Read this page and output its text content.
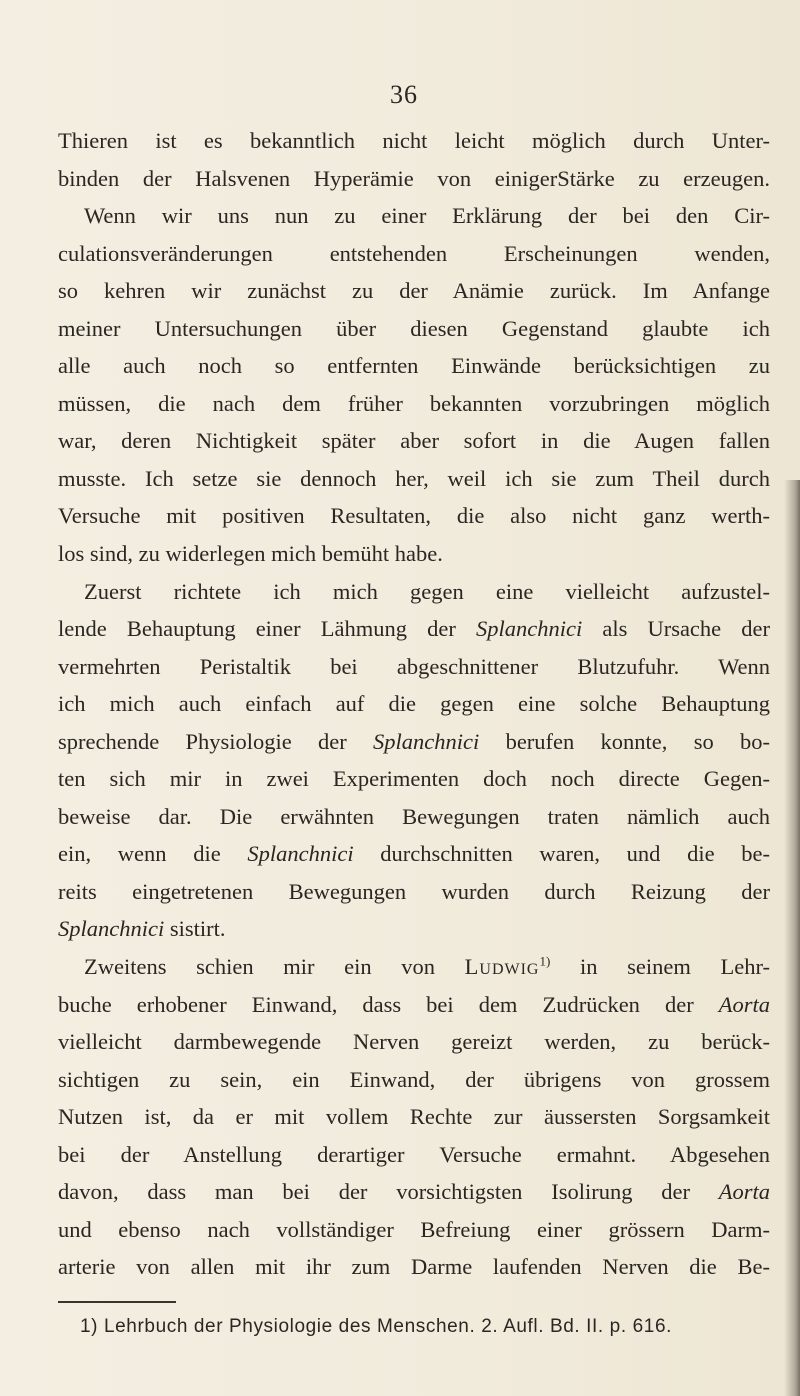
36
Thieren ist es bekanntlich nicht leicht möglich durch Unter-
binden der Halsvenen Hyperämie von einigerStärke zu erzeugen.
Wenn wir uns nun zu einer Erklärung der bei den Cir-
culationsveränderungen entstehenden Erscheinungen wenden,
so kehren wir zunächst zu der Anämie zurück. Im Anfange
meiner Untersuchungen über diesen Gegenstand glaubte ich
alle auch noch so entfernten Einwände berücksichtigen zu
müssen, die nach dem früher bekannten vorzubringen möglich
war, deren Nichtigkeit später aber sofort in die Augen fallen
musste. Ich setze sie dennoch her, weil ich sie zum Theil durch
Versuche mit positiven Resultaten, die also nicht ganz werth-
los sind, zu widerlegen mich bemüht habe.
Zuerst richtete ich mich gegen eine vielleicht aufzustel-
lende Behauptung einer Lähmung der Splanchnici als Ursache der
vermehrten Peristaltik bei abgeschnittener Blutzufuhr. Wenn
ich mich auch einfach auf die gegen eine solche Behauptung
sprechende Physiologie der Splanchnici berufen konnte, so bo-
ten sich mir in zwei Experimenten doch noch directe Gegen-
beweise dar. Die erwähnten Bewegungen traten nämlich auch
ein, wenn die Splanchnici durchschnitten waren, und die be-
reits eingetretenen Bewegungen wurden durch Reizung der
Splanchnici sistirt.
Zweitens schien mir ein von Ludwig$^{1)}$ in seinem Lehr-
buche erhobener Einwand, dass bei dem Zudrücken der Aorta
vielleicht darmbewegende Nerven gereizt werden, zu berück-
sichtigen zu sein, ein Einwand, der übrigens von grossem
Nutzen ist, da er mit vollem Rechte zur äussersten Sorgsamkeit
bei der Anstellung derartiger Versuche ermahnt. Abgesehen
davon, dass man bei der vorsichtigsten Isolirung der Aorta
und ebenso nach vollständiger Befreiung einer grössern Darm-
arterie von allen mit ihr zum Darme laufenden Nerven die Be-
1) Lehrbuch der Physiologie des Menschen. 2. Aufl. Bd. II. p. 616.
